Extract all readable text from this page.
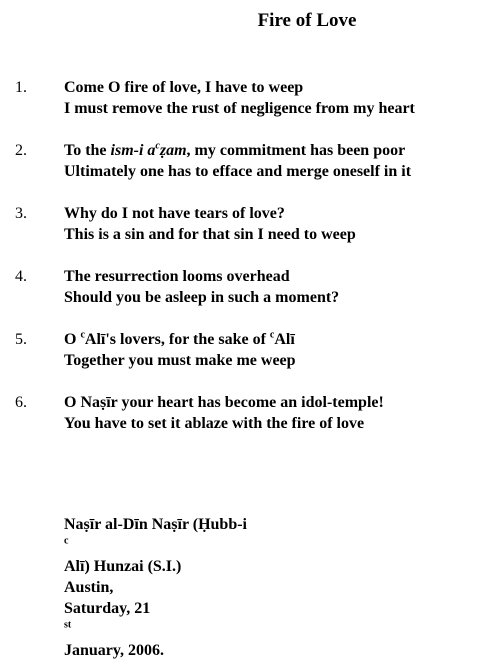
Fire of Love
1. Come O fire of love, I have to weep
I must remove the rust of negligence from my heart
2. To the ism-i $a^cẓam$, my commitment has been poor
Ultimately one has to efface and merge oneself in it
3. Why do I not have tears of love?
This is a sin and for that sin I need to weep
4. The resurrection looms overhead
Should you be asleep in such a moment?
5. O $^c$Alī's lovers, for the sake of $^c$Alī
Together you must make me weep
6. O Naṣīr your heart has become an idol-temple!
You have to set it ablaze with the fire of love
Naṣīr al-Dīn Naṣīr (Ḥubb-i
$^c$
Alī) Hunzai (S.I.)
Austin,
Saturday, 21
$^{st}$
January, 2006.
